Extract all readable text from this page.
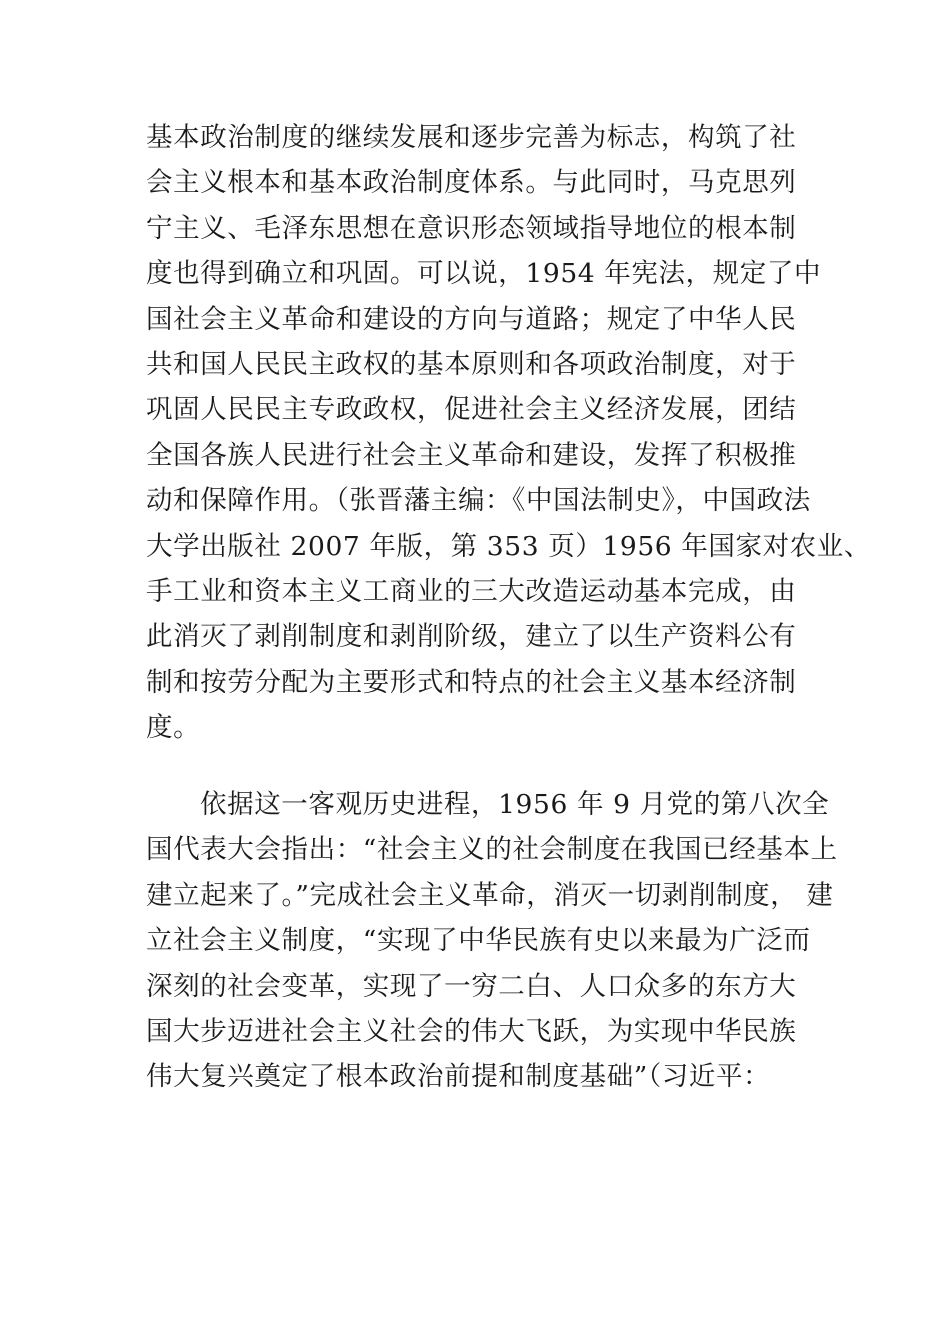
基本政治制度的继续发展和逐步完善为标志，构筑了社
会主义根本和基本政治制度体系。与此同时，马克思列
宁主义、毛泽东思想在意识形态领域指导地位的根本制
度也得到确立和巩固。可以说，1954 年宪法，规定了中
国社会主义革命和建设的方向与道路；规定了中华人民
共和国人民民主政权的基本原则和各项政治制度，对于
巩固人民民主专政政权，促进社会主义经济发展，团结
全国各族人民进行社会主义革命和建设，发挥了积极推
动和保障作用。（张晋藩主编：《中国法制史》，中国政法
大学出版社 2007 年版，第 353 页）1956 年国家对农业、
手工业和资本主义工商业的三大改造运动基本完成，由
此消灭了剥削制度和剥削阶级，建立了以生产资料公有
制和按劳分配为主要形式和特点的社会主义基本经济制
度。
依据这一客观历史进程，1956 年 9 月党的第八次全
国代表大会指出：“社会主义的社会制度在我国已经基本上
建立起来了。”完成社会主义革命，消灭一切剥削制度， 建
立社会主义制度，“实现了中华民族有史以来最为广泛而
深刻的社会变革，实现了一穷二白、人口众多的东方大
国大步迈进社会主义社会的伟大飞跃，为实现中华民族
伟大复兴奠定了根本政治前提和制度基础”（习近平：
